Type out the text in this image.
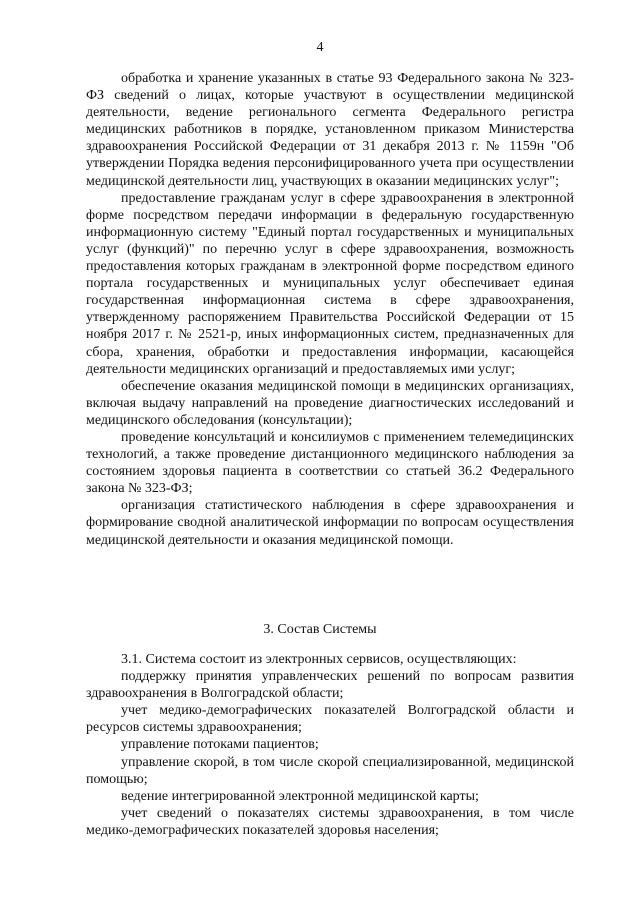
4

обработка и хранение указанных в статье 93 Федерального закона № 323-ФЗ сведений о лицах, которые участвуют в осуществлении медицинской деятельности, ведение регионального сегмента Федерального регистра медицинских работников в порядке, установленном приказом Министерства здравоохранения Российской Федерации от 31 декабря 2013 г. № 1159н "Об утверждении Порядка ведения персонифицированного учета при осуществлении медицинской деятельности лиц, участвующих в оказании медицинских услуг";

предоставление гражданам услуг в сфере здравоохранения в электронной форме посредством передачи информации в федеральную государственную информационную систему "Единый портал государственных и муниципальных услуг (функций)" по перечню услуг в сфере здравоохранения, возможность предоставления которых гражданам в электронной форме посредством единого портала государственных и муниципальных услуг обеспечивает единая государственная информационная система в сфере здравоохранения, утвержденному распоряжением Правительства Российской Федерации от 15 ноября 2017 г. № 2521-р, иных информационных систем, предназначенных для сбора, хранения, обработки и предоставления информации, касающейся деятельности медицинских организаций и предоставляемых ими услуг;

обеспечение оказания медицинской помощи в медицинских организациях, включая выдачу направлений на проведение диагностических исследований и медицинского обследования (консультации);

проведение консультаций и консилиумов с применением телемедицинских технологий, а также проведение дистанционного медицинского наблюдения за состоянием здоровья пациента в соответствии со статьей 36.2 Федерального закона № 323-ФЗ;

организация статистического наблюдения в сфере здравоохранения и формирование сводной аналитической информации по вопросам осуществления медицинской деятельности и оказания медицинской помощи.

3. Состав Системы

3.1. Система состоит из электронных сервисов, осуществляющих:

поддержку принятия управленческих решений по вопросам развития здравоохранения в Волгоградской области;

учет медико-демографических показателей Волгоградской области и ресурсов системы здравоохранения;

управление потоками пациентов;

управление скорой, в том числе скорой специализированной, медицинской помощью;

ведение интегрированной электронной медицинской карты;

учет сведений о показателях системы здравоохранения, в том числе медико-демографических показателей здоровья населения;
